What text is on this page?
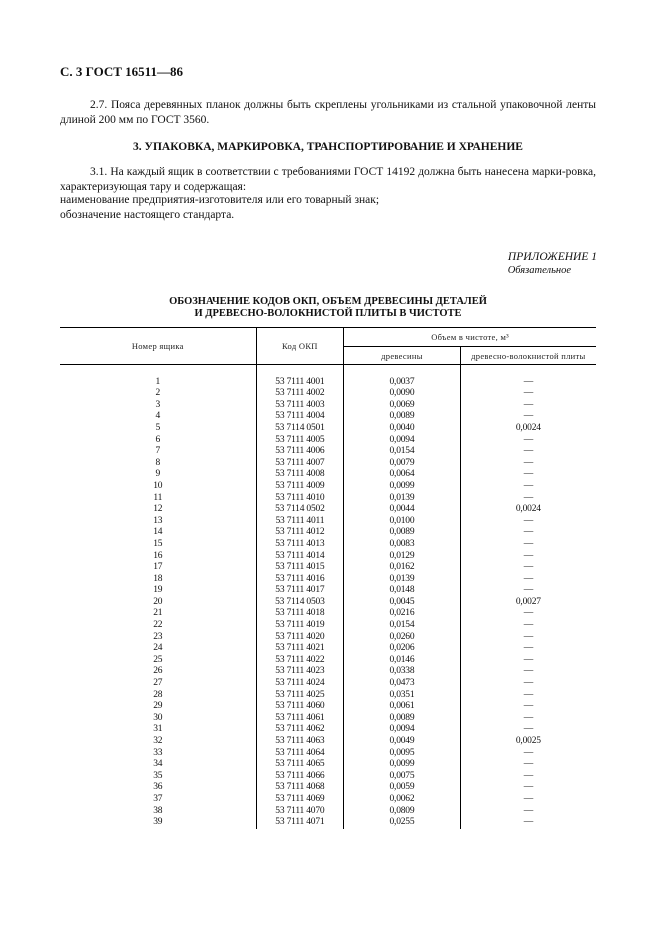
С. 3 ГОСТ 16511—86
2.7. Пояса деревянных планок должны быть скреплены угольниками из стальной упаковочной ленты длиной 200 мм по ГОСТ 3560.
3. УПАКОВКА, МАРКИРОВКА, ТРАНСПОРТИРОВАНИЕ И ХРАНЕНИЕ
3.1. На каждый ящик в соответствии с требованиями ГОСТ 14192 должна быть нанесена марки-ровка, характеризующая тару и содержащая:
наименование предприятия-изготовителя или его товарный знак;
обозначение настоящего стандарта.
ПРИЛОЖЕНИЕ 1
Обязательное
ОБОЗНАЧЕНИЕ КОДОВ ОКП, ОБЪЕМ ДРЕВЕСИНЫ ДЕТАЛЕЙ
И ДРЕВЕСНО-ВОЛОКНИСТОЙ ПЛИТЫ В ЧИСТОТЕ
Номер ящика	Код ОКП	Объем в чистоте, м³	
		древесины	древесно-волокнистой плиты

1	53 7111 4001	0,0037	—
2	53 7111 4002	0,0090	—
3	53 7111 4003	0,0069	—
4	53 7111 4004	0,0089	—
5	53 7114 0501	0,0040	0,0024
6	53 7111 4005	0,0094	—
7	53 7111 4006	0,0154	—
8	53 7111 4007	0,0079	—
9	53 7111 4008	0,0064	—
10	53 7111 4009	0,0099	—
11	53 7111 4010	0,0139	—
12	53 7114 0502	0,0044	0,0024
13	53 7111 4011	0,0100	—
14	53 7111 4012	0,0089	—
15	53 7111 4013	0,0083	—
16	53 7111 4014	0,0129	—
17	53 7111 4015	0,0162	—
18	53 7111 4016	0,0139	—
19	53 7111 4017	0,0148	—
20	53 7114 0503	0,0045	0,0027
21	53 7111 4018	0,0216	—
22	53 7111 4019	0,0154	—
23	53 7111 4020	0,0260	—
24	53 7111 4021	0,0206	—
25	53 7111 4022	0,0146	—
26	53 7111 4023	0,0338	—
27	53 7111 4024	0,0473	—
28	53 7111 4025	0,0351	—
29	53 7111 4060	0,0061	—
30	53 7111 4061	0,0089	—
31	53 7111 4062	0,0094	—
32	53 7111 4063	0,0049	0,0025
33	53 7111 4064	0,0095	—
34	53 7111 4065	0,0099	—
35	53 7111 4066	0,0075	—
36	53 7111 4068	0,0059	—
37	53 7111 4069	0,0062	—
38	53 7111 4070	0,0809	—
39	53 7111 4071	0,0255	—
